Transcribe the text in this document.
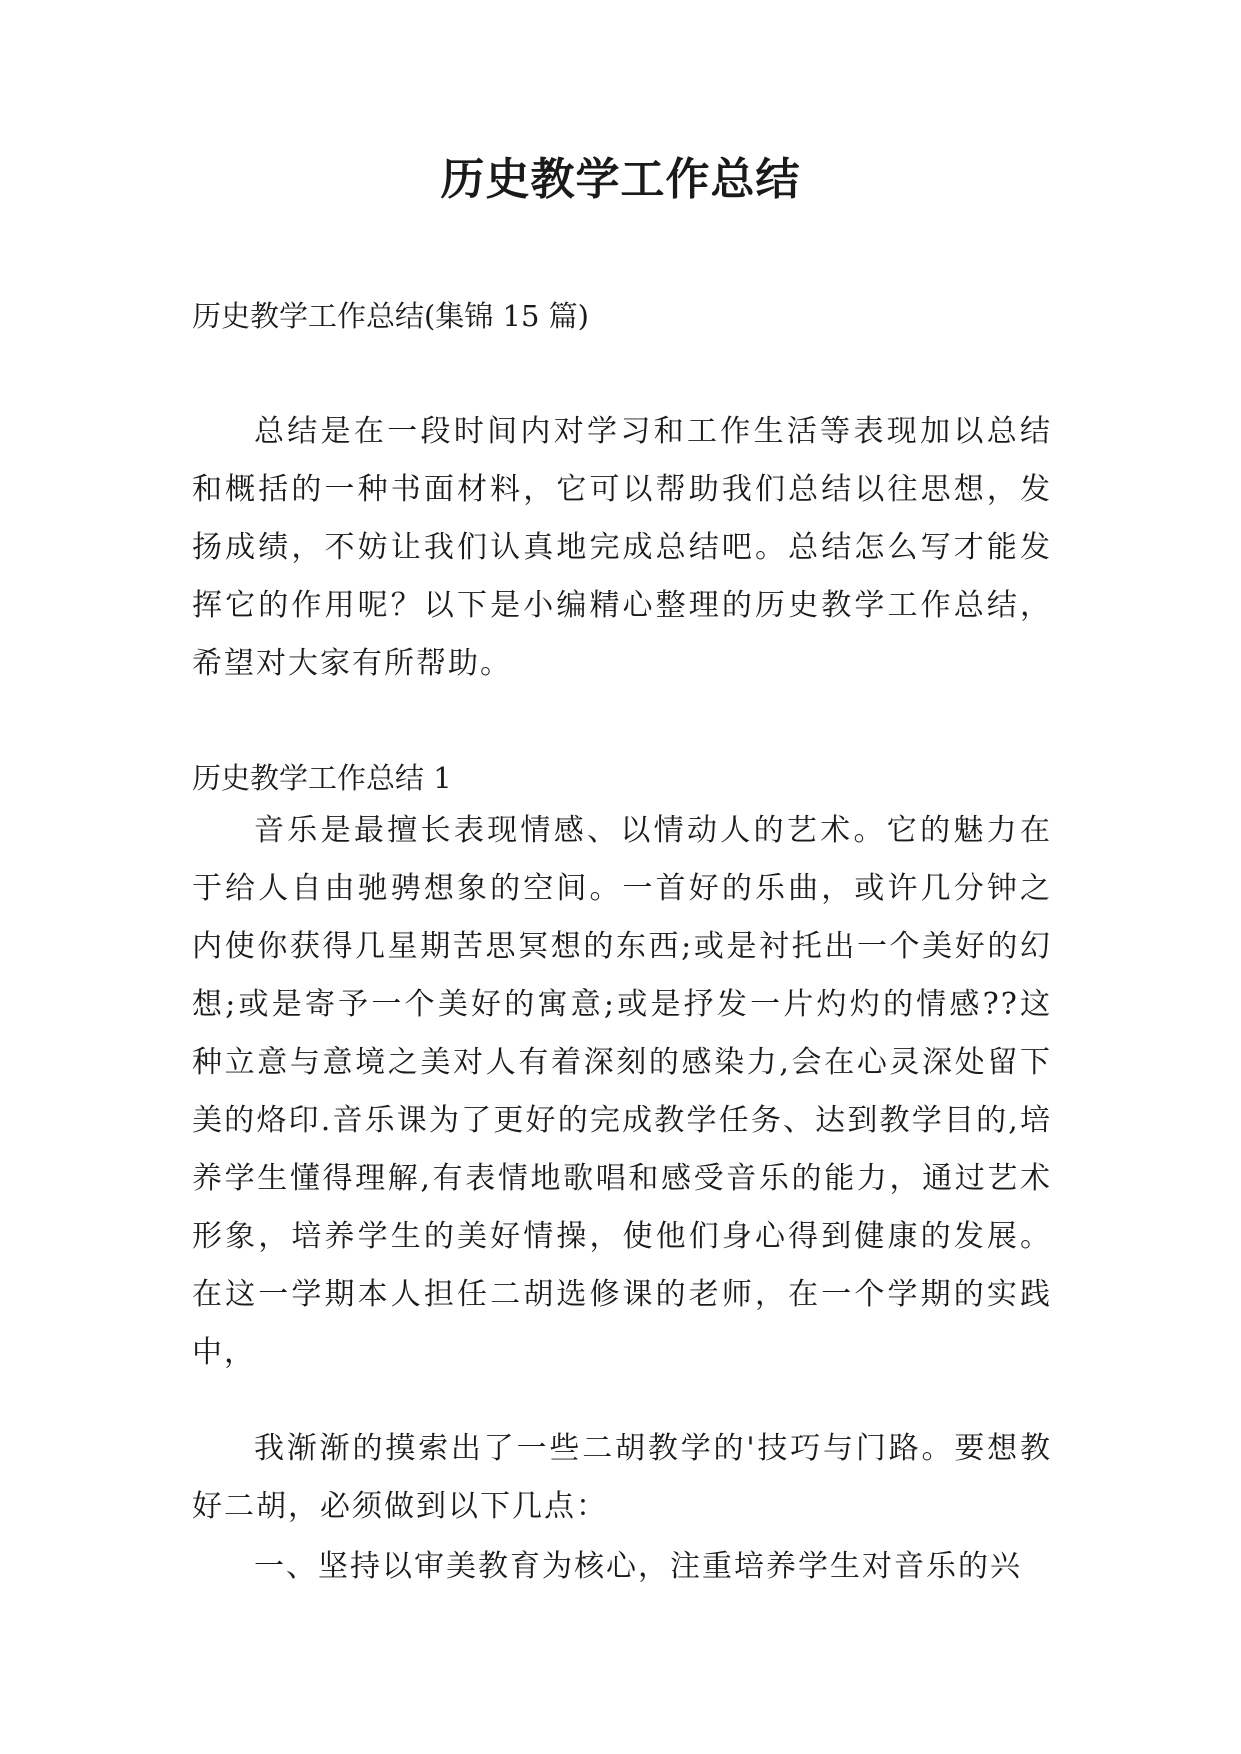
历史教学工作总结
历史教学工作总结(集锦 15 篇)

总结是在一段时间内对学习和工作生活等表现加以总结和概括的一种书面材料，它可以帮助我们总结以往思想，发扬成绩，不妨让我们认真地完成总结吧。总结怎么写才能发挥它的作用呢？以下是小编精心整理的历史教学工作总结，希望对大家有所帮助。

历史教学工作总结 1

音乐是最擅长表现情感、以情动人的艺术。它的魅力在于给人自由驰骋想象的空间。一首好的乐曲，或许几分钟之内使你获得几星期苦思冥想的东西;或是衬托出一个美好的幻想;或是寄予一个美好的寓意;或是抒发一片灼灼的情感??这种立意与意境之美对人有着深刻的感染力,会在心灵深处留下美的烙印.音乐课为了更好的完成教学任务、达到教学目的,培养学生懂得理解,有表情地歌唱和感受音乐的能力，通过艺术形象，培养学生的美好情操，使他们身心得到健康的发展。在这一学期本人担任二胡选修课的老师，在一个学期的实践中，

我渐渐的摸索出了一些二胡教学的'技巧与门路。要想教好二胡，必须做到以下几点：

一、坚持以审美教育为核心，注重培养学生对音乐的兴
